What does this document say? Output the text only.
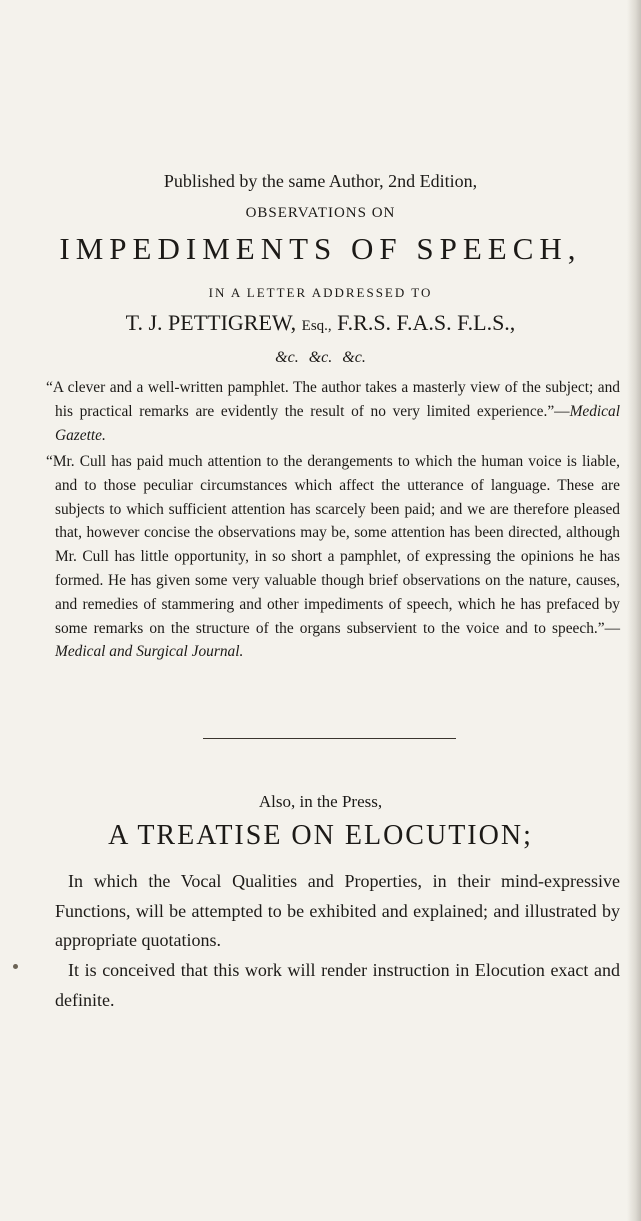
Published by the same Author, 2nd Edition,
OBSERVATIONS ON
IMPEDIMENTS OF SPEECH,
IN A LETTER ADDRESSED TO
T. J. PETTIGREW, Esq., F.R.S. F.A.S. F.L.S.,
&c. &c. &c.
“A clever and a well-written pamphlet. The author takes a masterly view of the subject; and his practical remarks are evidently the result of no very limited experience.”—Medical Gazette.
“Mr. Cull has paid much attention to the derangements to which the human voice is liable, and to those peculiar circumstances which affect the utterance of language. These are subjects to which sufficient attention has scarcely been paid; and we are therefore pleased that, however concise the observations may be, some attention has been directed, although Mr. Cull has little opportunity, in so short a pamphlet, of expressing the opinions he has formed. He has given some very valuable though brief observations on the nature, causes, and remedies of stammering and other impediments of speech, which he has prefaced by some remarks on the structure of the organs subservient to the voice and to speech.”—Medical and Surgical Journal.
Also, in the Press,
A TREATISE ON ELOCUTION;
In which the Vocal Qualities and Properties, in their mind-expressive Functions, will be attempted to be exhibited and explained; and illustrated by appropriate quotations.
It is conceived that this work will render instruction in Elocution exact and definite.
